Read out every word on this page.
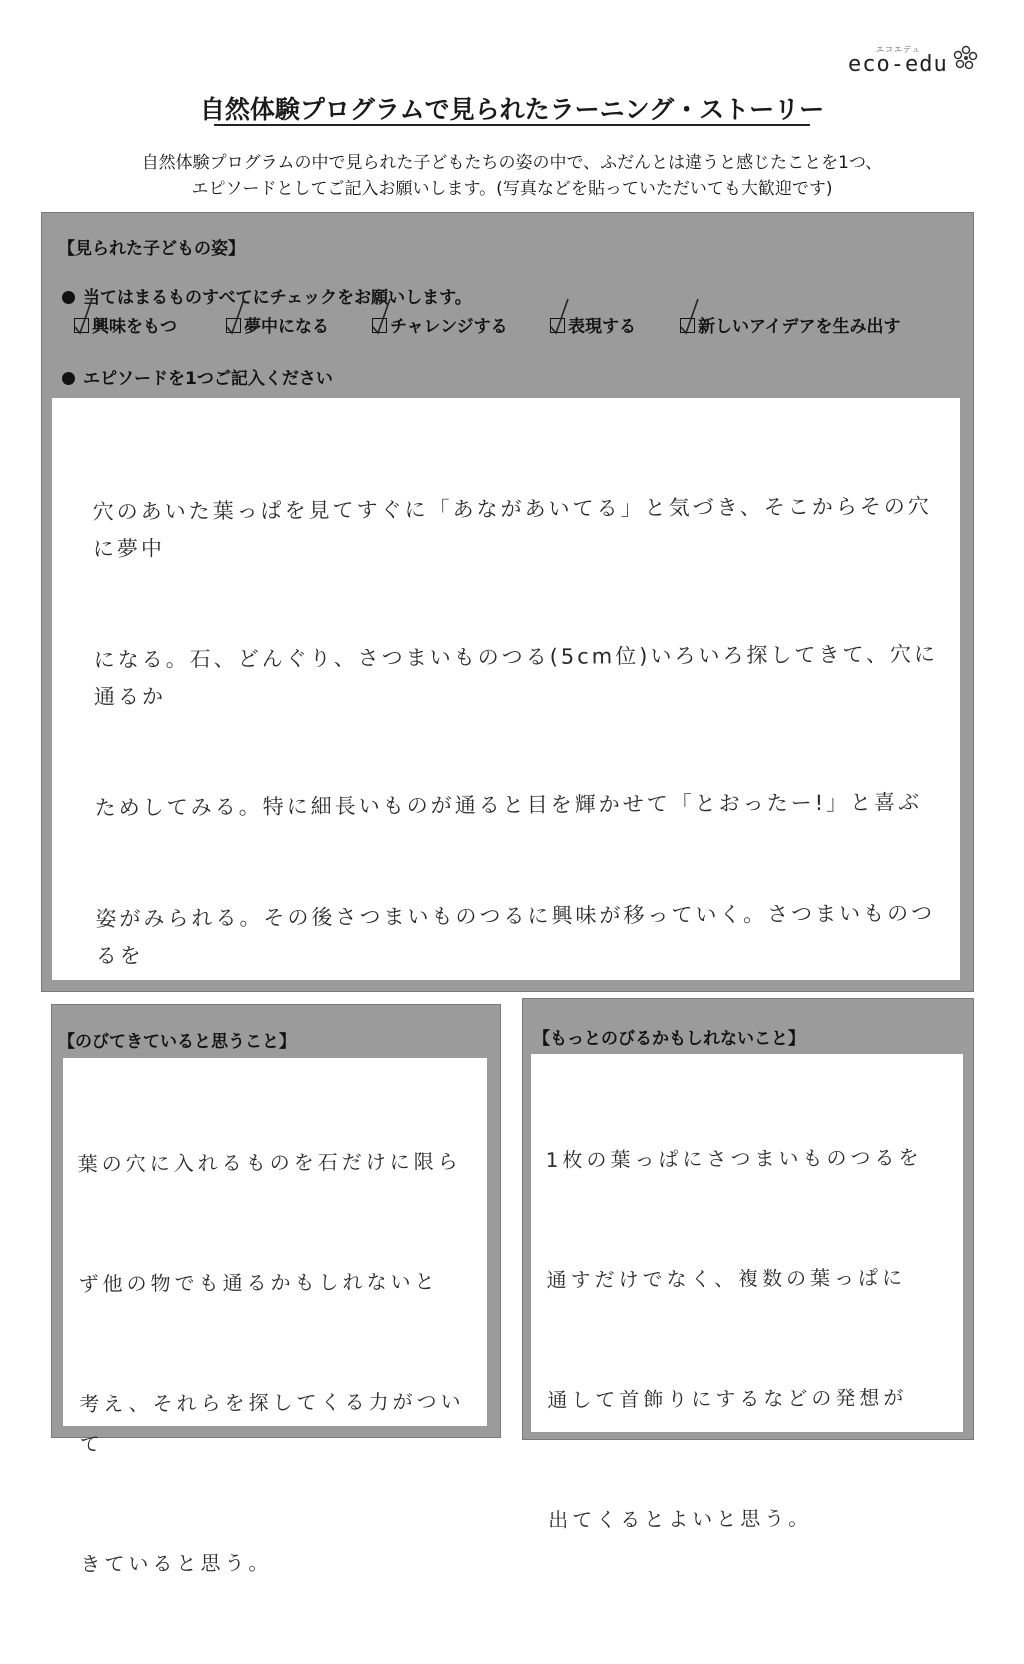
エコエデュ
eco-edu
自然体験プログラムで見られたラーニング・ストーリー
自然体験プログラムの中で見られた子どもたちの姿の中で、ふだんとは違うと感じたことを1つ、
エピソードとしてご記入お願いします。(写真などを貼っていただいても大歓迎です)
【見られた子どもの姿】
当てはまるものすべてにチェックをお願いします。
興味をもつ	夢中になる	チャレンジする	表現する	新しいアイデアを生み出す
エピソードを1つご記入ください

穴のあいた葉っぱを見てすぐに「あながあいてる」と気づき、そこからその穴に夢中

になる。石、どんぐり、さつまいものつる(5cm位)いろいろ探してきて、穴に通るか

ためしてみる。特に細長いものが通ると目を輝かせて「とおったー!」と喜ぶ

姿がみられる。その後さつまいものつるに興味が移っていく。さつまいものつるを

【のびてきていると思うこと】

葉の穴に入れるものを石だけに限ら

ず他の物でも通るかもしれないと

考え、それらを探してくる力がついて

きていると思う。

【もっとのびるかもしれないこと】

1枚の葉っぱにさつまいものつるを

通すだけでなく、複数の葉っぱに

通して首飾りにするなどの発想が

出てくるとよいと思う。
